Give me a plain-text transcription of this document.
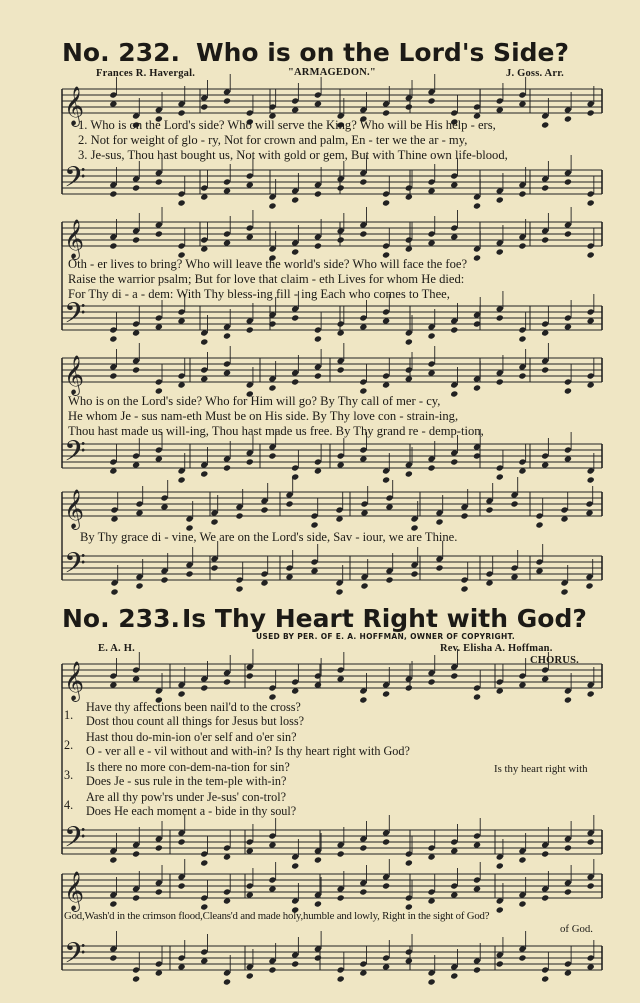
No. 232. Who is on the Lord's Side?
Frances R. Havergal.	"ARMAGEDON."	J. Goss. Arr.
𝄞
𝄢
𝄞
𝄢
𝄞
𝄢
𝄞
𝄢
𝄞
𝄢
𝄞
𝄢
1. Who is on the Lord's side? Who will serve the King? Who will be His help - ers,
2. Not for weight of glo - ry, Not for crown and palm, En - ter we the ar - my,
3. Je-sus, Thou hast bought us, Not with gold or gem, But with Thine own life-blood,
Oth - er lives to bring? Who will leave the world's side? Who will face the foe?
Raise the warrior psalm; But for love that claim - eth Lives for whom He died:
For Thy di - a - dem: With Thy bless-ing fill - ing Each who comes to Thee,
Who is on the Lord's side? Who for Him will go? By Thy call of mer - cy,
He whom Je - sus nam-eth Must be on His side. By Thy love con - strain-ing,
Thou hast made us will-ing, Thou hast made us free. By Thy grand re - demp-tion,
By Thy grace di - vine, We are on the Lord's side, Sav - iour, we are Thine.
No. 233. Is Thy Heart Right with God?
USED BY PER. OF E. A. HOFFMAN, OWNER OF COPYRIGHT.
E. A. H.	Rev. Elisha A. Hoffman.
CHORUS.
1.
Have thy affections been nail'd to the cross?
Dost thou count all things for Jesus but loss?
2.
Hast thou do-min-ion o'er self and o'er sin?
O - ver all e - vil without and with-in? Is thy heart right with God?
3.
Is there no more con-dem-na-tion for sin?
Does Je - sus rule in the tem-ple with-in?
Is thy heart right with
4.
Are all thy pow'rs under Je-sus' con-trol?
Does He each moment a - bide in thy soul?
God,Wash'd in the crimson flood,Cleans'd and made holy,humble and lowly, Right in the sight of God?
of God.
